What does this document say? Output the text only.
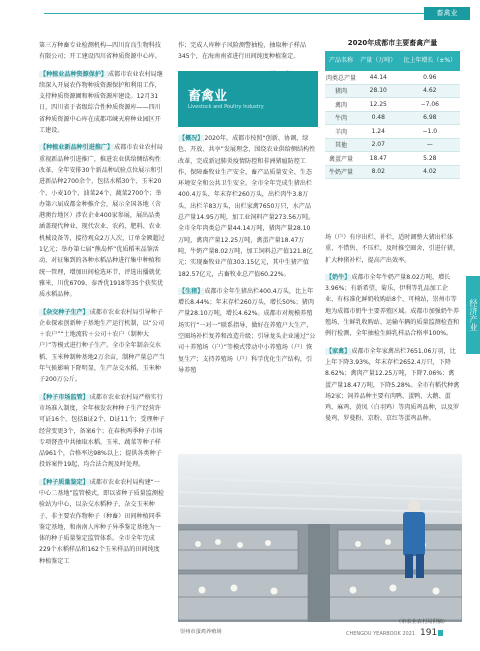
畜禽业
经济产业

第三方种畜专业检测机构—四川育良生物科技有限公司；开工建设四川省种质资源中心库。

【种植业品种资源保护】成都市农业农村局继续深入开展农作物种质资源保护和利用工作，支持种质资源圃和种质资源库建设。12月31日，四川省于省级综合性种质资源库——四川省种质资源中心库在成都邛崃天府种业园区开工建设。

【种植业新品种引进推广】成都市农业农村局重视新品种引进推广，推进农业供给侧结构性改革，全年安排30个新品种试验点位展示和引进新品种2700余个，包括水稻30个、玉米20个、小麦10个、油菜24个、蔬菜2700个；举办第六届成都金种推介会，展示全国各地（含港澳台地区）涉农企业400家参展，展出品类涵盖现代种业、现代农业、农药、肥料、农业机械设备等，接待观众2万人次，订单金额超过1亿元；举办第七届“熊岛杯”优质稻米品鉴活动，对征集到的各种水稻品种进行集中种植和统一管理，增加田间检选环节，评选出播就优雅米、川优6709、泰香优1918等35个获奖优质水稻品种。

【杂交种子生产】成都市农业农村局引导种子企业探索创新种子基地生产运行机制，以“公司＋农户”“土地流转＋公司＋农户（制种大户）”等模式进行种子生产。全市全年制杂交水稻、玉米种制种基地2万余亩，制种产量总产当年气候影响下降明显，生产杂交水稻、玉米种子200万公斤。

【种子市场监管】成都市农业农村局严格实行市场准入制度，全年核发农种种子生产经营许可证16个，包括B证2个、D证11个；受理种子经营变更3个，备案6个；在春秋两季种子市场专项督查中共抽取水稻、玉米、蔬菜等种子样品961个，合格率达98%以上；提供各类种子投诉案件19起，均合法合规及时处理。

【种子质量鉴定】成都市农业农村局构建“一中心二基地”监管模式，即以省种子质量监测检验站为中心，以杂交水稻种子、杂交玉米种子、非主要农作物种子（种畜）田间种植同季鉴定基地，和南南人库种子异季鉴定基地为一体的种子质量鉴定监管体系。全市全年完成229个水稻样品和162个玉米样品的田间纯度种植鉴定工

作；完成人库种子风险测警抽检，抽取种子样品345个，在海南南省进行田间纯度种植鉴定。

畜禽业
Livestock and Poultry Industry

【概况】2020年，成都市按照“创新、协调、绿色、开放、共享”发展理念，围绕农业供给侧结构性改革，完成新冠肺炎疫情防控和非洲猪瘟防控工作，保障畜牧业生产安全、畜产品质量安全、生态环境安全和公共卫生安全。全市全年完成生猪出栏400.4万头、年末存栏260万头，出栏肉牛3.8万头，出栏羊83万头，出栏家禽7650万只，水产品总产量14.95万吨，加工业饲料产量273.56万吨。全市全年肉类总产量44.14万吨，猪肉产量28.10万吨，禽肉产量12.25万吨，禽蛋产量18.47万吨，牛奶产量8.02万吨，加工饲料总产值121.8亿元；实现畜牧业产值303.15亿元，其中生猪产值182.57亿元，占畜牧业总产值60.22%。

【生猪】成都市全年生猪出栏400.4万头，比上年增长8.44%；年末存栏260万头，增长50%；猪肉产量28.10万吨，增长4.62%。成都市对规模养殖场实行“一对一”联系指导，做好在养殖户大生产，空圈场补栏复养和改造升级；引导龙头企业通过“公司＋养殖场（户）”等模式带动中小养殖场（户）恢复生产；支持养殖场（户）科学优化生产结构，引导养殖

2020年成都市主要畜禽产量
产品名称	产量（万吨）	比上年增长（±%）
肉类总产量	44.14	0.96
猪肉	28.10	4.62
禽肉	12.25	−7.06
牛肉	0.48	6.98
羊肉	1.24	−1.0
其他	2.07	—
禽蛋产量	18.47	5.28
牛奶产量	8.02	4.02

场（户）有序出栏、补栏，适时调整大猪出栏体重、不惜售、不压栏，及时推空圈舍，引进仔猪，扩大种猪补栏，提高产出效率。

【奶牛】成都市全年牛奶产量8.02万吨，增长3.96%；有新希望、菊乐、伊利等乳品加工企业，有标准化鲜奶收购站8个、可椅站，崇州市等地为成都市奶牛主要养殖区域。成都市加强奶牛养殖场、生鲜乳收购站、运输车辆的质量监测检查和例行检测，全年抽检生鲜乳样品合格率100%。

【家禽】成都市全年家禽出栏7651.06万羽，比上年下降3.93%，年末存栏2652.4万只，下降8.62%；禽肉产量12.25万吨，下降7.06%；禽蛋产量18.47万吨，下降5.28%。全市有稻代种禽场2家；饲养品种主要有肉鸭、蛋鸭、大鹅、蛋鸡、麻鸡、黄凤（白羽鸡）等肉质鸡品种，以及罗曼鸡、罗曼粉、京粉、京红等蛋鸡品种。

崇州市蛋鸡养殖场
（市农业农村局供稿）
CHENGDU YEARBOOK 2021 191
